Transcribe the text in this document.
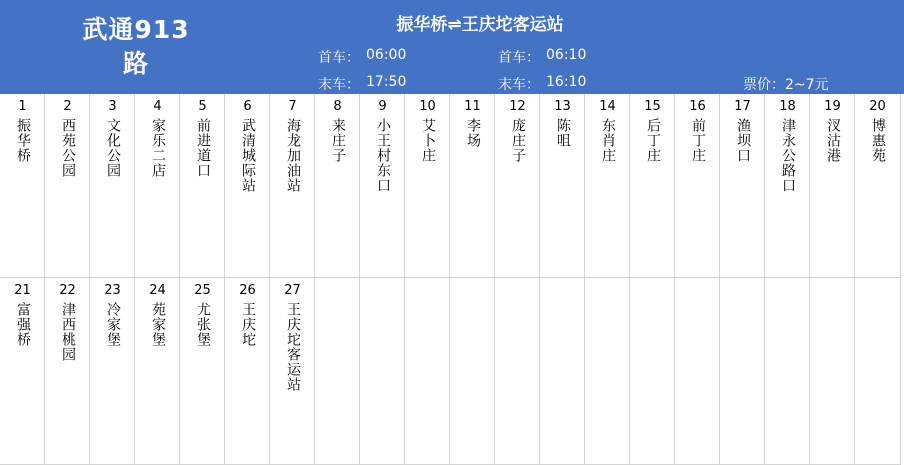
武通913
路
振华桥⇌王庆坨客运站
首车： 06:00
末车： 17:50
首车： 06:10
末车： 16:10	票价：2~7元
1
振华桥
2
西苑公园
3
文化公园
4
家乐二店
5
前进道口
6
武清城际站
7
海龙加油站
8
来庄子
9
小王村东口
10
艾卜庄
11
李场
12
庞庄子
13
陈咀
14
东肖庄
15
后丁庄
16
前丁庄
17
渔坝口
18
津永公路口
19
汊沽港
20
博惠苑
21
富强桥
22
津西桃园
23
冷家堡
24
苑家堡
25
尤张堡
26
王庆坨
27
王庆坨客运站
